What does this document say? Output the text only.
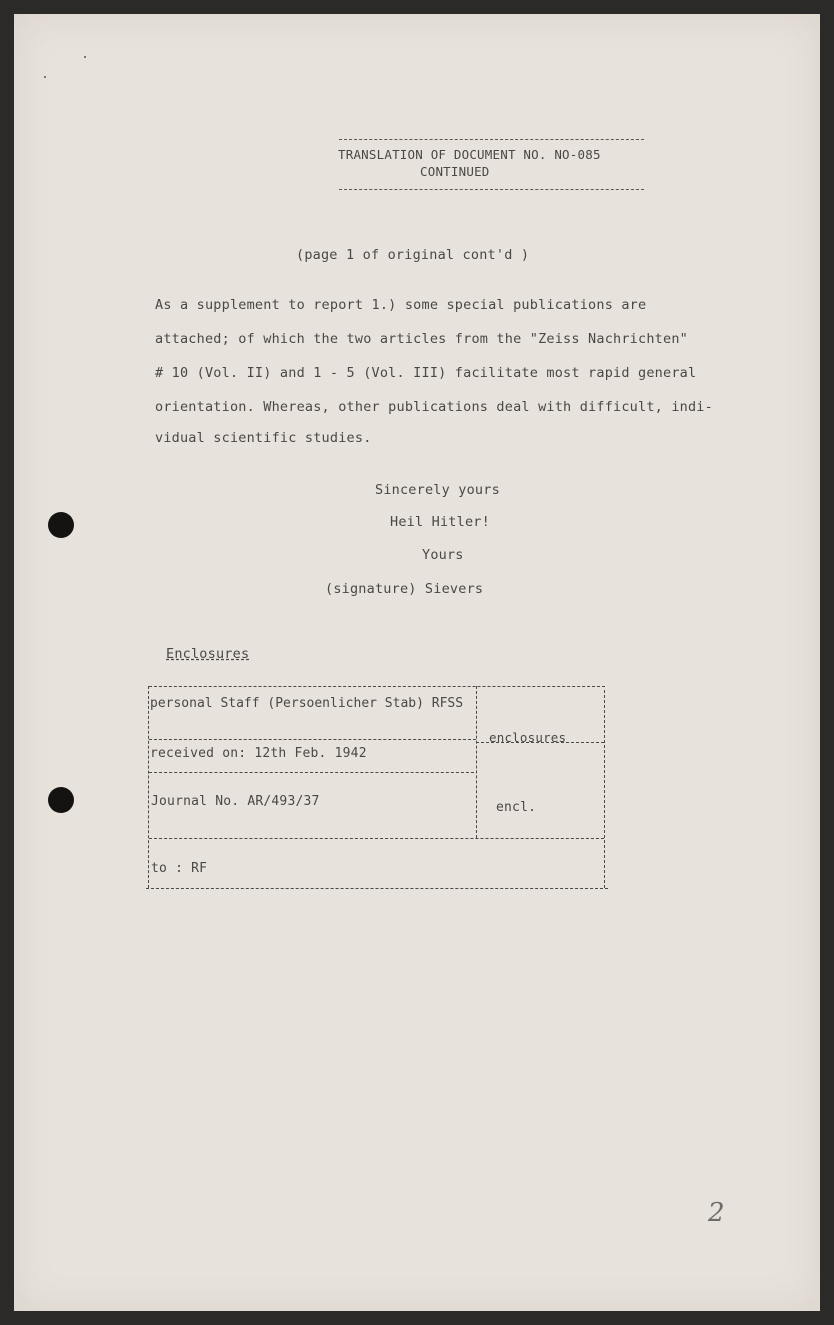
TRANSLATION OF DOCUMENT NO. NO-085
CONTINUED
(page 1 of original cont'd )
As a supplement to report 1.) some special publications are
attached; of which the two articles from the "Zeiss Nachrichten"
# 10 (Vol. II) and 1 - 5 (Vol. III) facilitate most rapid general
orientation. Whereas, other publications deal with difficult, indi-
vidual scientific studies.
Sincerely yours
Heil Hitler!
Yours
(signature) Sievers
Enclosures
personal Staff (Persoenlicher Stab) RFSS
enclosures
received on: 12th Feb. 1942
Journal No. AR/493/37	encl.
to : RF
2
